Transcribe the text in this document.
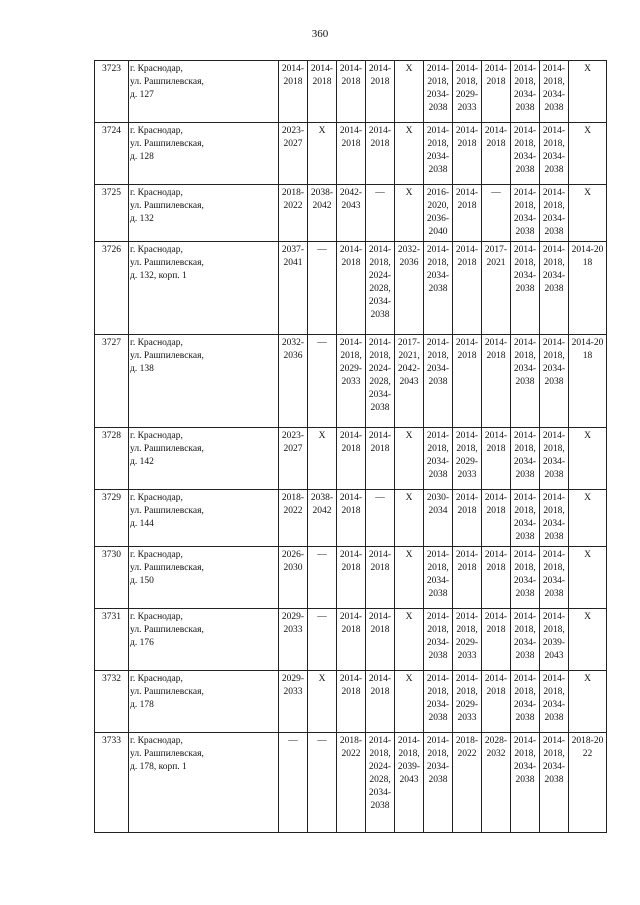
360
3723	г. Краснодар,
ул. Рашпилевская,
д. 127	2014-2018	2014-2018	2014-2018	2014-2018	X	2014-2018, 2034-2038	2014-2018, 2029-2033	2014-2018	2014-2018, 2034-2038	2014-2018, 2034-2038	X
3724	г. Краснодар,
ул. Рашпилевская,
д. 128	2023-2027	X	2014-2018	2014-2018	X	2014-2018, 2034-2038	2014-2018	2014-2018	2014-2018, 2034-2038	2014-2018, 2034-2038	X
3725	г. Краснодар,
ул. Рашпилевская,
д. 132	2018-2022	2038-2042	2042-2043	—	X	2016-2020, 2036-2040	2014-2018	—	2014-2018, 2034-2038	2014-2018, 2034-2038	X
3726	г. Краснодар,
ул. Рашпилевская,
д. 132, корп. 1	2037-2041	—	2014-2018	2014-2018, 2024-2028, 2034-2038	2032-2036	2014-2018, 2034-2038	2014-2018	2017-2021	2014-2018, 2034-2038	2014-2018, 2034-2038	2014-2018
3727	г. Краснодар,
ул. Рашпилевская,
д. 138	2032-2036	—	2014-2018, 2029-2033	2014-2018, 2024-2028, 2034-2038	2017-2021, 2042-2043	2014-2018, 2034-2038	2014-2018	2014-2018	2014-2018, 2034-2038	2014-2018, 2034-2038	2014-2018
3728	г. Краснодар,
ул. Рашпилевская,
д. 142	2023-2027	X	2014-2018	2014-2018	X	2014-2018, 2034-2038	2014-2018, 2029-2033	2014-2018	2014-2018, 2034-2038	2014-2018, 2034-2038	X
3729	г. Краснодар,
ул. Рашпилевская,
д. 144	2018-2022	2038-2042	2014-2018	—	X	2030-2034	2014-2018	2014-2018	2014-2018, 2034-2038	2014-2018, 2034-2038	X
3730	г. Краснодар,
ул. Рашпилевская,
д. 150	2026-2030	—	2014-2018	2014-2018	X	2014-2018, 2034-2038	2014-2018	2014-2018	2014-2018, 2034-2038	2014-2018, 2034-2038	X
3731	г. Краснодар,
ул. Рашпилевская,
д. 176	2029-2033	—	2014-2018	2014-2018	X	2014-2018, 2034-2038	2014-2018, 2029-2033	2014-2018	2014-2018, 2034-2038	2014-2018, 2039-2043	X
3732	г. Краснодар,
ул. Рашпилевская,
д. 178	2029-2033	X	2014-2018	2014-2018	X	2014-2018, 2034-2038	2014-2018, 2029-2033	2014-2018	2014-2018, 2034-2038	2014-2018, 2034-2038	X
3733	г. Краснодар,
ул. Рашпилевская,
д. 178, корп. 1	—	—	2018-2022	2014-2018, 2024-2028, 2034-2038	2014-2018, 2039-2043	2014-2018, 2034-2038	2018-2022	2028-2032	2014-2018, 2034-2038	2014-2018, 2034-2038	2018-2022
